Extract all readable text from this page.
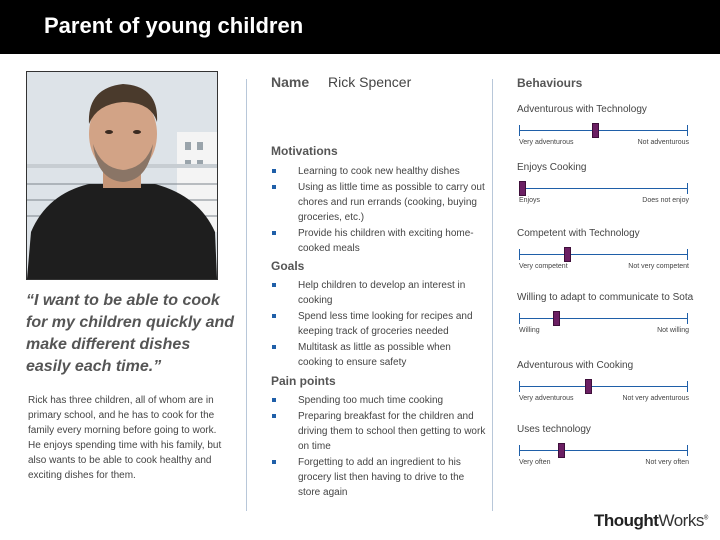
Parent of young children
“I want to be able to cook for my children quickly and make different dishes easily each time.”
Rick has three children, all of whom are in primary school, and he has to cook for the family every morning before going to work. He enjoys spending time with his family, but also wants to be able to cook healthy and exciting dishes for them.
Name Rick Spencer
Motivations
Learning to cook new healthy dishes
Using as little time as possible to carry out chores and run errands (cooking, buying groceries, etc.)
Provide his children with exciting home-cooked meals
Goals
Help children to develop an interest in cooking
Spend less time looking for recipes and keeping track of groceries needed
Multitask as little as possible when cooking to ensure safety
Pain points
Spending too much time cooking
Preparing breakfast for the children and driving them to school then getting to work on time
Forgetting to add an ingredient to his grocery list then having to drive to the store again
Behaviours
Adventurous with Technology
Very adventurous	Not adventurous
Enjoys Cooking
Enjoys	Does not enjoy
Competent with Technology
Very competent	Not very competent
Willing to adapt to communicate to Sota
Willing	Not willing
Adventurous with Cooking
Very adventurous	Not very adventurous
Uses technology
Very often	Not very often
ThoughtWorks®
